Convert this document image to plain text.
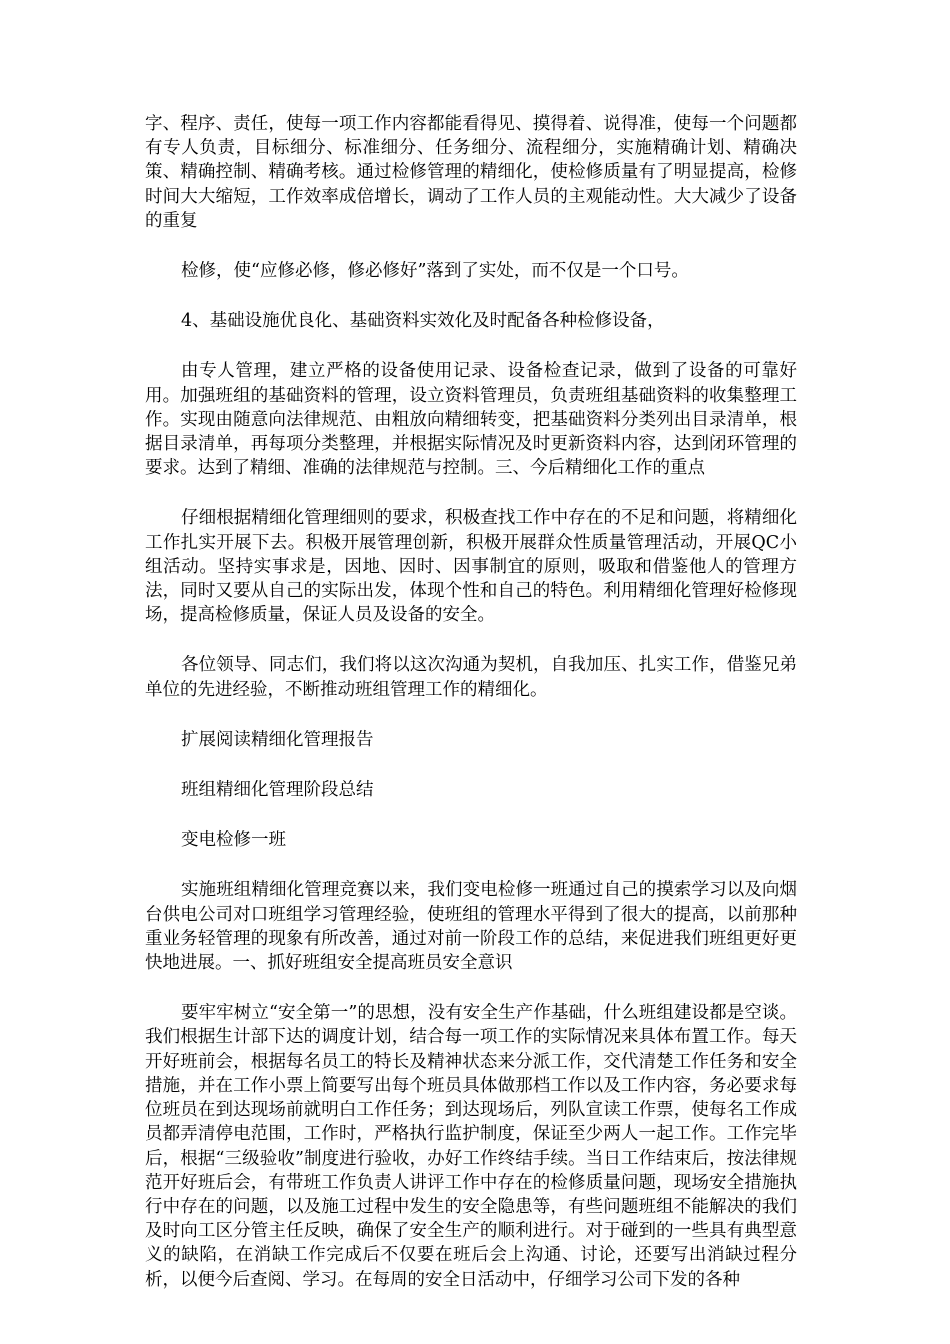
字、程序、责任，使每一项工作内容都能看得见、摸得着、说得准，使每一个问题都有专人负责，目标细分、标准细分、任务细分、流程细分，实施精确计划、精确决策、精确控制、精确考核。通过检修管理的精细化，使检修质量有了明显提高，检修时间大大缩短，工作效率成倍增长，调动了工作人员的主观能动性。大大减少了设备的重复

检修，使“应修必修，修必修好”落到了实处，而不仅是一个口号。

4、基础设施优良化、基础资料实效化及时配备各种检修设备，

由专人管理，建立严格的设备使用记录、设备检查记录，做到了设备的可靠好用。加强班组的基础资料的管理，设立资料管理员，负责班组基础资料的收集整理工作。实现由随意向法律规范、由粗放向精细转变，把基础资料分类列出目录清单，根据目录清单，再每项分类整理，并根据实际情况及时更新资料内容，达到闭环管理的要求。达到了精细、准确的法律规范与控制。三、今后精细化工作的重点

仔细根据精细化管理细则的要求，积极查找工作中存在的不足和问题，将精细化工作扎实开展下去。积极开展管理创新，积极开展群众性质量管理活动，开展QC小组活动。坚持实事求是，因地、因时、因事制宜的原则，吸取和借鉴他人的管理方法，同时又要从自己的实际出发，体现个性和自己的特色。利用精细化管理好检修现场，提高检修质量，保证人员及设备的安全。

各位领导、同志们，我们将以这次沟通为契机，自我加压、扎实工作，借鉴兄弟单位的先进经验，不断推动班组管理工作的精细化。

扩展阅读精细化管理报告

班组精细化管理阶段总结

变电检修一班

实施班组精细化管理竞赛以来，我们变电检修一班通过自己的摸索学习以及向烟台供电公司对口班组学习管理经验，使班组的管理水平得到了很大的提高，以前那种重业务轻管理的现象有所改善，通过对前一阶段工作的总结，来促进我们班组更好更快地进展。一、抓好班组安全提高班员安全意识

要牢牢树立“安全第一”的思想，没有安全生产作基础，什么班组建设都是空谈。我们根据生计部下达的调度计划，结合每一项工作的实际情况来具体布置工作。每天开好班前会，根据每名员工的特长及精神状态来分派工作，交代清楚工作任务和安全措施，并在工作小票上简要写出每个班员具体做那档工作以及工作内容，务必要求每位班员在到达现场前就明白工作任务；到达现场后，列队宣读工作票，使每名工作成员都弄清停电范围，工作时，严格执行监护制度，保证至少两人一起工作。工作完毕后，根据“三级验收”制度进行验收，办好工作终结手续。当日工作结束后，按法律规范开好班后会，有带班工作负责人讲评工作中存在的检修质量问题，现场安全措施执行中存在的问题，以及施工过程中发生的安全隐患等，有些问题班组不能解决的我们及时向工区分管主任反映，确保了安全生产的顺利进行。对于碰到的一些具有典型意义的缺陷，在消缺工作完成后不仅要在班后会上沟通、讨论，还要写出消缺过程分析，以便今后查阅、学习。在每周的安全日活动中，仔细学习公司下发的各种
